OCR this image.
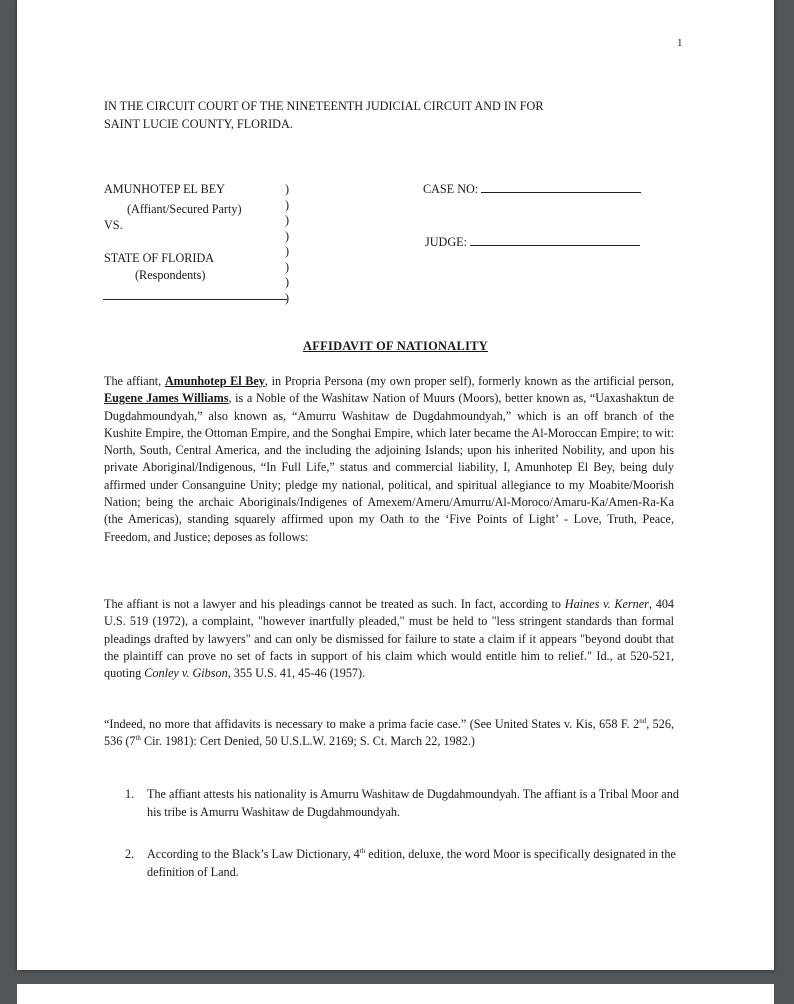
1
IN THE CIRCUIT COURT OF THE NINETEENTH JUDICIAL CIRCUIT AND IN FOR
SAINT LUCIE COUNTY, FLORIDA.
AMUNHOTEP EL BEY
(Affiant/Secured Party)
VS.
STATE OF FLORIDA
(Respondents)
)
)
)
)
)
)
)
)
CASE NO:
JUDGE:
AFFIDAVIT OF NATIONALITY
The affiant, Amunhotep El Bey, in Propria Persona (my own proper self), formerly known as the artificial person, Eugene James Williams, is a Noble of the Washitaw Nation of Muurs (Moors), better known as, “Uaxashaktun de Dugdahmoundyah,” also known as, “Amurru Washitaw de Dugdahmoundyah,” which is an off branch of the Kushite Empire, the Ottoman Empire, and the Songhai Empire, which later became the Al-Moroccan Empire; to wit: North, South, Central America, and the including the adjoining Islands; upon his inherited Nobility, and upon his private Aboriginal/Indigenous, “In Full Life,” status and commercial liability, I, Amunhotep El Bey, being duly affirmed under Consanguine Unity; pledge my national, political, and spiritual allegiance to my Moabite/Moorish Nation; being the archaic Aboriginals/Indigenes of Amexem/Ameru/Amurru/Al-Moroco/Amaru-Ka/Amen-Ra-Ka (the Americas), standing squarely affirmed upon my Oath to the ‘Five Points of Light’ - Love, Truth, Peace, Freedom, and Justice; deposes as follows:
The affiant is not a lawyer and his pleadings cannot be treated as such. In fact, according to Haines v. Kerner, 404 U.S. 519 (1972), a complaint, "however inartfully pleaded," must be held to "less stringent standards than formal pleadings drafted by lawyers" and can only be dismissed for failure to state a claim if it appears "beyond doubt that the plaintiff can prove no set of facts in support of his claim which would entitle him to relief." Id., at 520-521, quoting Conley v. Gibson, 355 U.S. 41, 45-46 (1957).
“Indeed, no more that affidavits is necessary to make a prima facie case.” (See United States v. Kis, 658 F. 2nd, 526, 536 (7th Cir. 1981): Cert Denied, 50 U.S.L.W. 2169; S. Ct. March 22, 1982.)
1. The affiant attests his nationality is Amurru Washitaw de Dugdahmoundyah. The affiant is a Tribal Moor and his tribe is Amurru Washitaw de Dugdahmoundyah.
2. According to the Black’s Law Dictionary, 4th edition, deluxe, the word Moor is specifically designated in the definition of Land.
